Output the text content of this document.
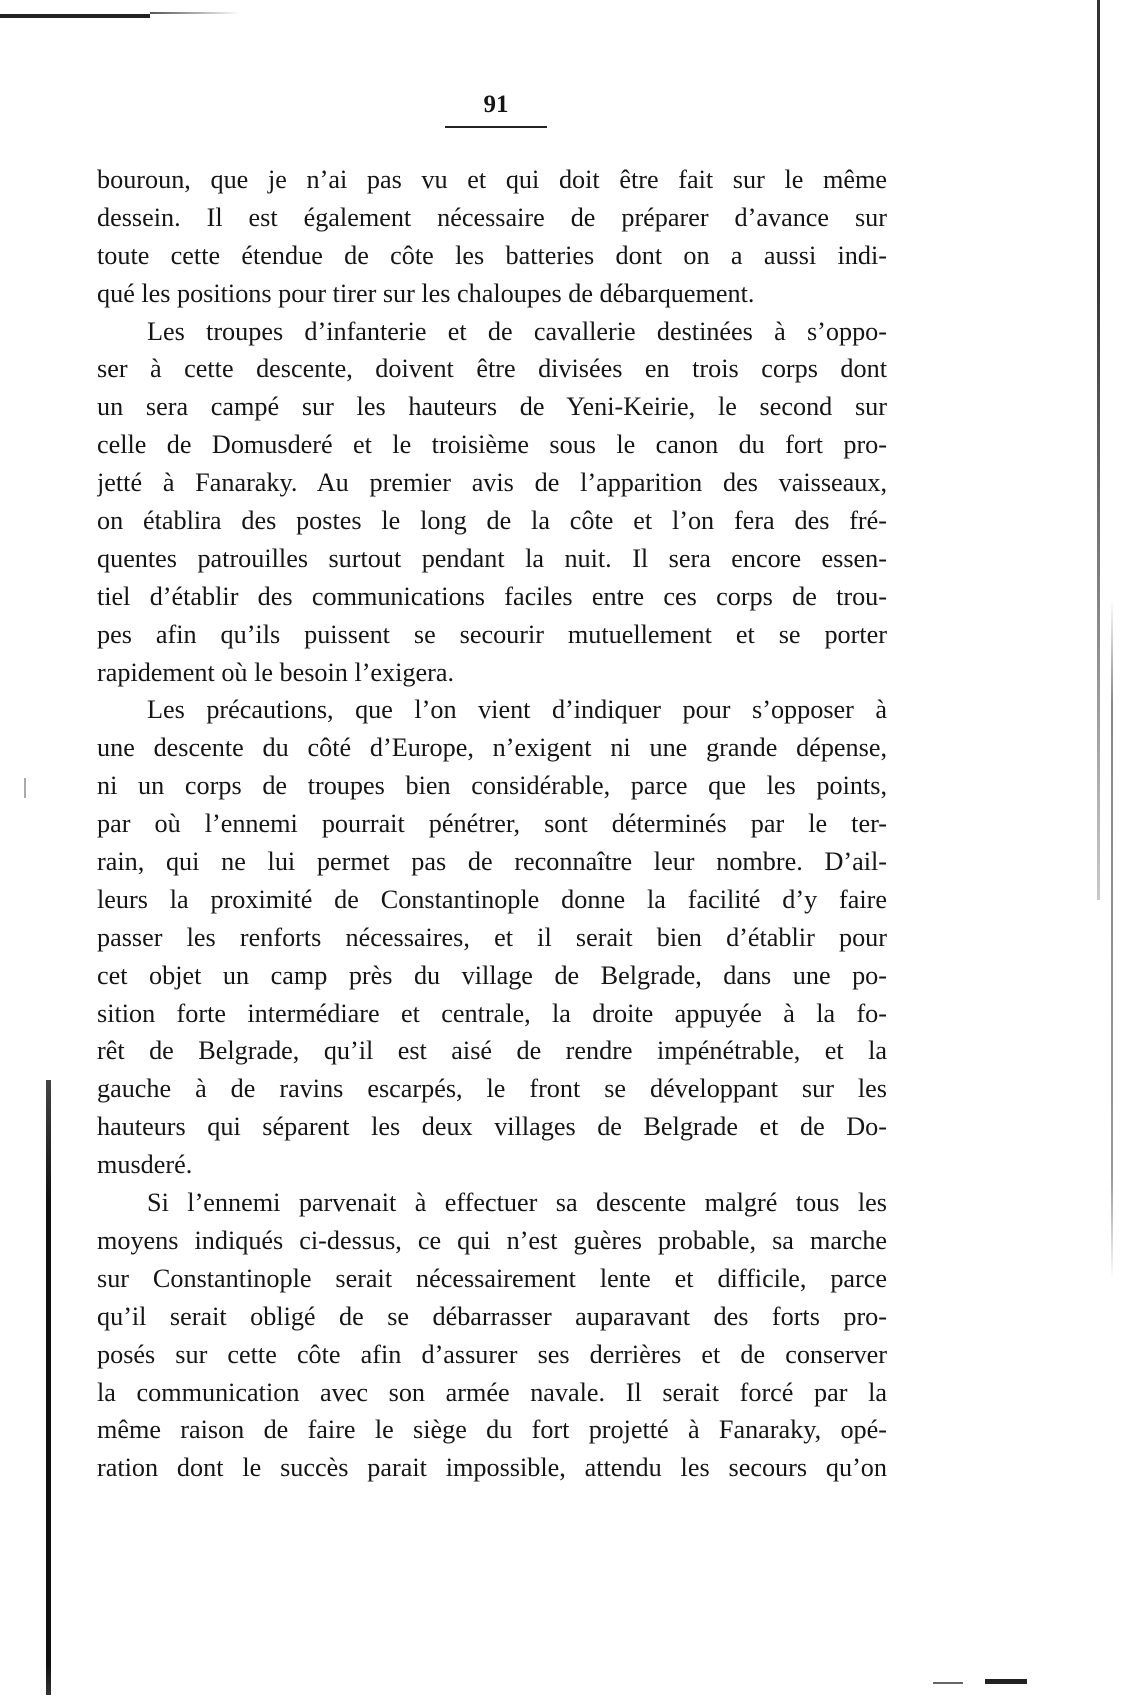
91
bouroun, que je n’ai pas vu et qui doit être fait sur le même
dessein. Il est également nécessaire de préparer d’avance sur
toute cette étendue de côte les batteries dont on a aussi indi-
qué les positions pour tirer sur les chaloupes de débarquement.
Les troupes d’infanterie et de cavallerie destinées à s’oppo-
ser à cette descente, doivent être divisées en trois corps dont
un sera campé sur les hauteurs de Yeni-Keirie, le second sur
celle de Domusderé et le troisième sous le canon du fort pro-
jetté à Fanaraky. Au premier avis de l’apparition des vaisseaux,
on établira des postes le long de la côte et l’on fera des fré-
quentes patrouilles surtout pendant la nuit. Il sera encore essen-
tiel d’établir des communications faciles entre ces corps de trou-
pes afin qu’ils puissent se secourir mutuellement et se porter
rapidement où le besoin l’exigera.
Les précautions, que l’on vient d’indiquer pour s’opposer à
une descente du côté d’Europe, n’exigent ni une grande dépense,
ni un corps de troupes bien considérable, parce que les points,
par où l’ennemi pourrait pénétrer, sont déterminés par le ter-
rain, qui ne lui permet pas de reconnaître leur nombre. D’ail-
leurs la proximité de Constantinople donne la facilité d’y faire
passer les renforts nécessaires, et il serait bien d’établir pour
cet objet un camp près du village de Belgrade, dans une po-
sition forte intermédiare et centrale, la droite appuyée à la fo-
rêt de Belgrade, qu’il est aisé de rendre impénétrable, et la
gauche à de ravins escarpés, le front se développant sur les
hauteurs qui séparent les deux villages de Belgrade et de Do-
musderé.
Si l’ennemi parvenait à effectuer sa descente malgré tous les
moyens indiqués ci-dessus, ce qui n’est guères probable, sa marche
sur Constantinople serait nécessairement lente et difficile, parce
qu’il serait obligé de se débarrasser auparavant des forts pro-
posés sur cette côte afin d’assurer ses derrières et de conserver
la communication avec son armée navale. Il serait forcé par la
même raison de faire le siège du fort projetté à Fanaraky, opé-
ration dont le succès parait impossible, attendu les secours qu’on
